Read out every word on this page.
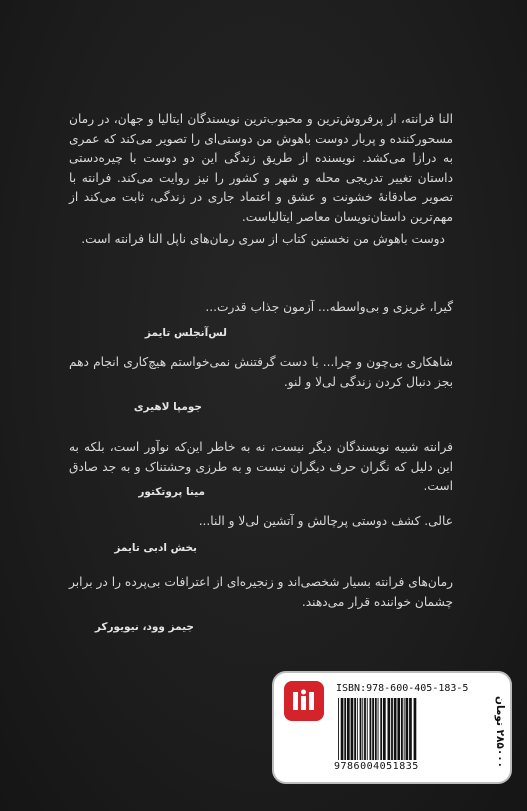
النا فرانته، از پرفروش‌ترین و محبوب‌ترین نویسندگان ایتالیا و جهان، در رمان مسحورکننده و پربار دوست باهوش من دوستی‌ای را تصویر می‌کند که عمری به درازا می‌کشد. نویسنده از طریق زندگی این دو دوست با چیره‌دستی داستان تغییر تدریجی محله و شهر و کشور را نیز روایت می‌کند. فرانته با تصویر صادقانهٔ خشونت و عشق و اعتماد جاری در زندگی، ثابت می‌کند از مهم‌ترین داستان‌نویسان معاصر ایتالیاست.

دوست باهوش من نخستین کتاب از سری رمان‌های ناپل النا فرانته است.

گیرا، غریزی و بی‌واسطه... آزمون جذاب قدرت...

لس‌آنجلس تایمز

شاهکاری بی‌چون و چرا... با دست گرفتنش نمی‌خواستم هیچ‌کاری انجام دهم بجز دنبال کردن زندگی لی‌لا و لنو.

جومپا لاهیری

فرانته شبیه نویسندگان دیگر نیست، نه به خاطر این‌که نوآور است، بلکه به این دلیل که نگران حرف دیگران نیست و به طرزی وحشتناک و به جد صادق است.

مینا پروتکتور

عالی. کشف دوستی پرچالش و آتشین لی‌لا و النا...

بخش ادبی تایمز

رمان‌های فرانته بسیار شخصی‌اند و زنجیره‌ای از اعترافات بی‌پرده را در برابر چشمان خواننده قرار می‌دهند.

جیمز وود، نیویورکر
ISBN:978-600-405-183-5
9786004051835
۲۸۵۰۰۰ تومان
